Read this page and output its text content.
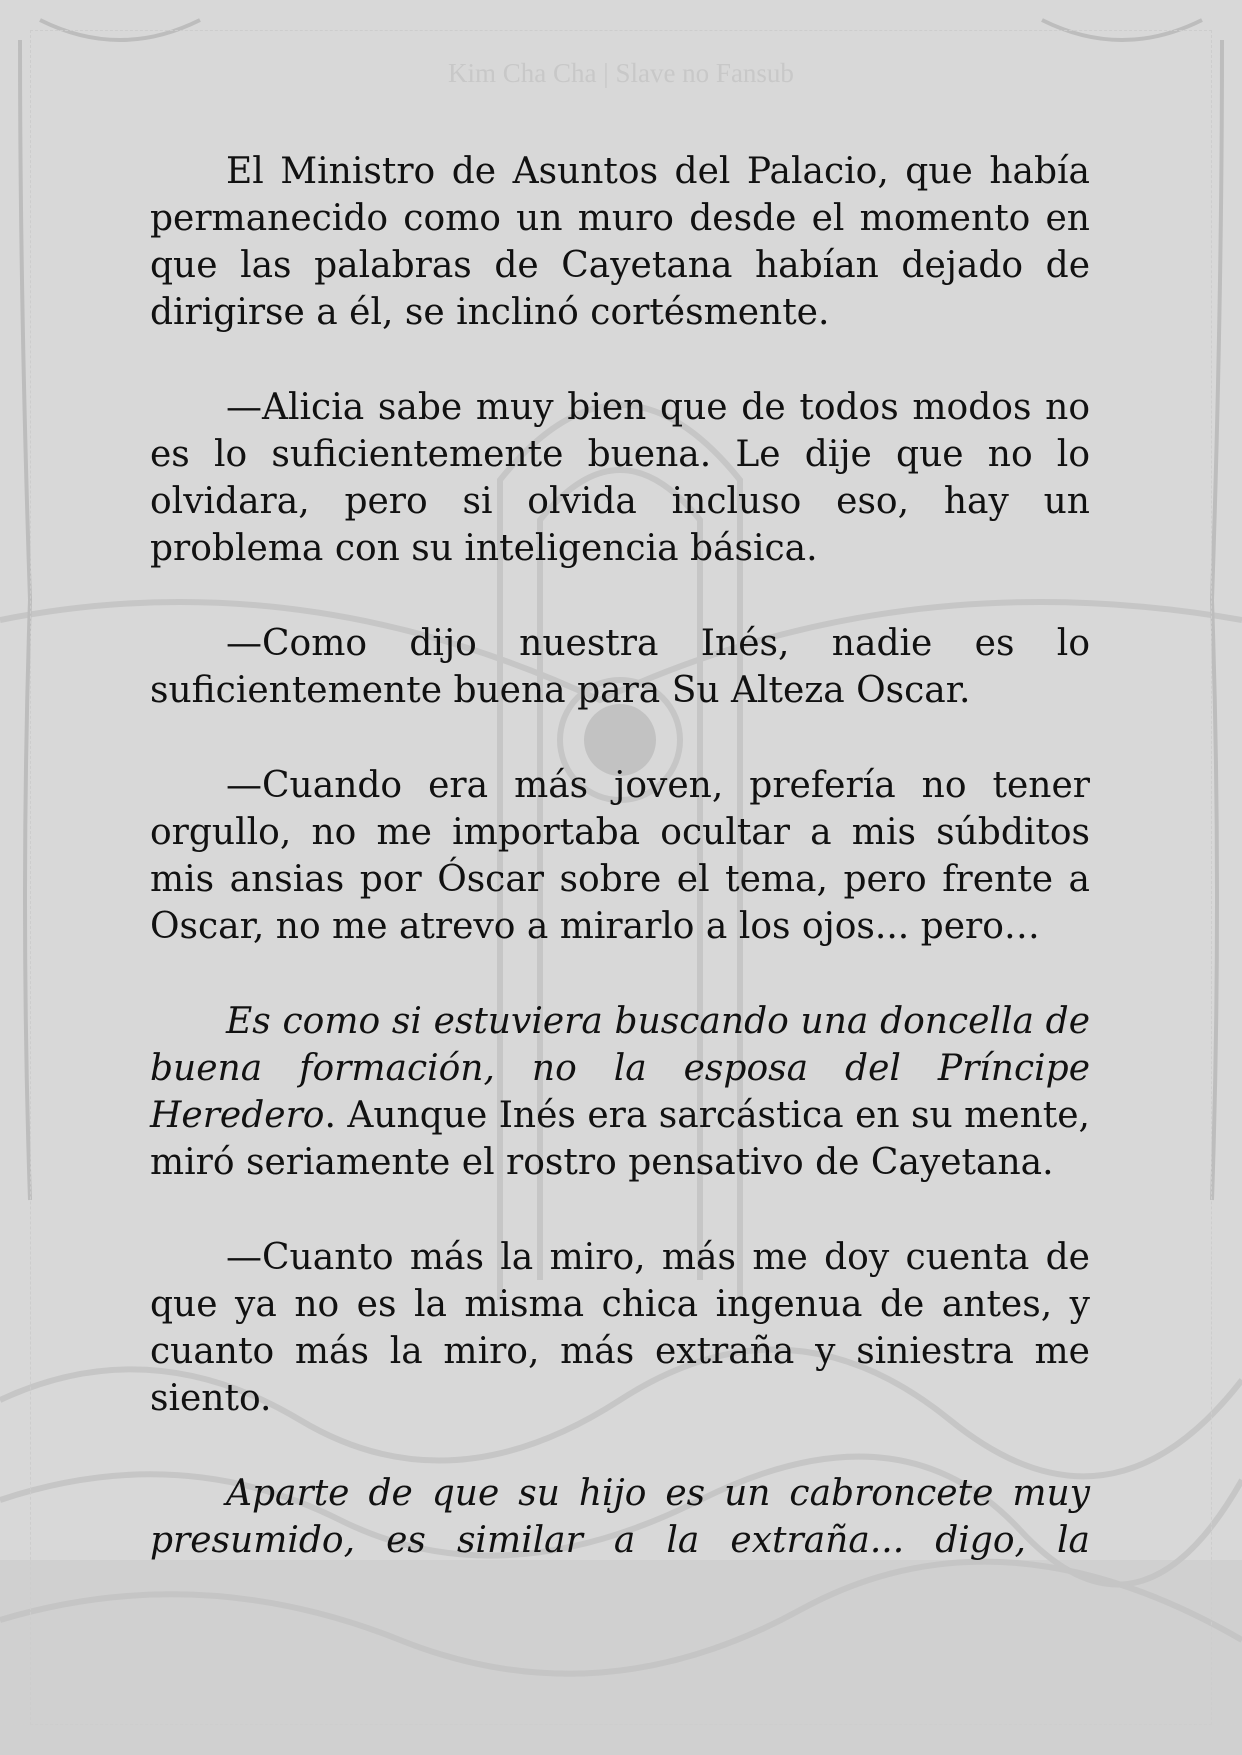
Kim Cha Cha | Slave no Fansub

El Ministro de Asuntos del Palacio, que había permanecido como un muro desde el momento en que las palabras de Cayetana habían dejado de dirigirse a él, se inclinó cortésmente.

—Alicia sabe muy bien que de todos modos no es lo suficientemente buena. Le dije que no lo olvidara, pero si olvida incluso eso, hay un problema con su inteligencia básica.

—Como dijo nuestra Inés, nadie es lo suficientemente buena para Su Alteza Oscar.

—Cuando era más joven, prefería no tener orgullo, no me importaba ocultar a mis súbditos mis ansias por Óscar sobre el tema, pero frente a Oscar, no me atrevo a mirarlo a los ojos... pero…

Es como si estuviera buscando una doncella de buena formación, no la esposa del Príncipe Heredero. Aunque Inés era sarcástica en su mente, miró seriamente el rostro pensativo de Cayetana.

—Cuanto más la miro, más me doy cuenta de que ya no es la misma chica ingenua de antes, y cuanto más la miro, más extraña y siniestra me siento.

Aparte de que su hijo es un cabroncete muy presumido, es similar a la extraña... digo, la
